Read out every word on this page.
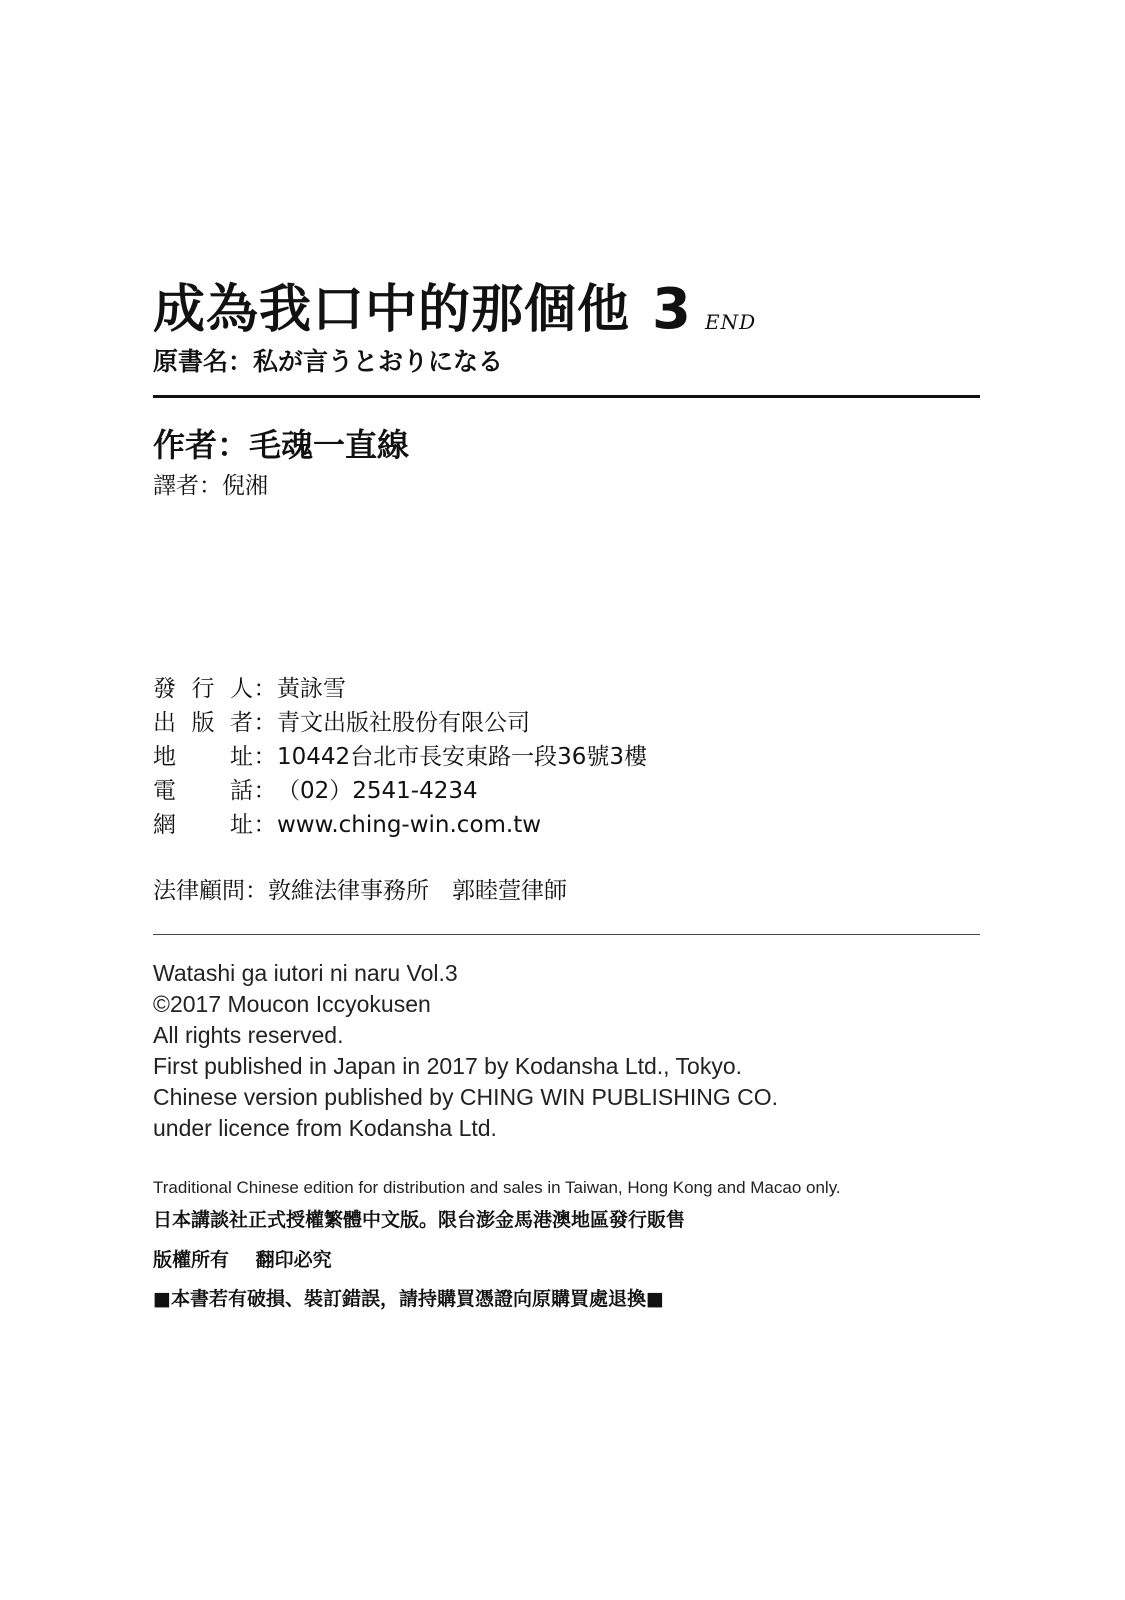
成為我口中的那個他 3 END
原書名：私が言うとおりになる
作者：毛魂一直線
譯者：倪湘
發行人 ： 黃詠雪
出版者 ： 青文出版社股份有限公司
地址 ： 10442台北市長安東路一段36號3樓
電話 ： （02）2541-4234
網址 ： www.ching-win.com.tw
法律顧問：敦維法律事務所　郭睦萱律師
Watashi ga iutori ni naru Vol.3
©2017 Moucon Iccyokusen
All rights reserved.
First published in Japan in 2017 by Kodansha Ltd., Tokyo.
Chinese version published by CHING WIN PUBLISHING CO.
under licence from Kodansha Ltd.
Traditional Chinese edition for distribution and sales in Taiwan, Hong Kong and Macao only.
日本講談社正式授權繁體中文版。限台澎金馬港澳地區發行販售
版權所有 翻印必究
■本書若有破損、裝訂錯誤，請持購買憑證向原購買處退換■
